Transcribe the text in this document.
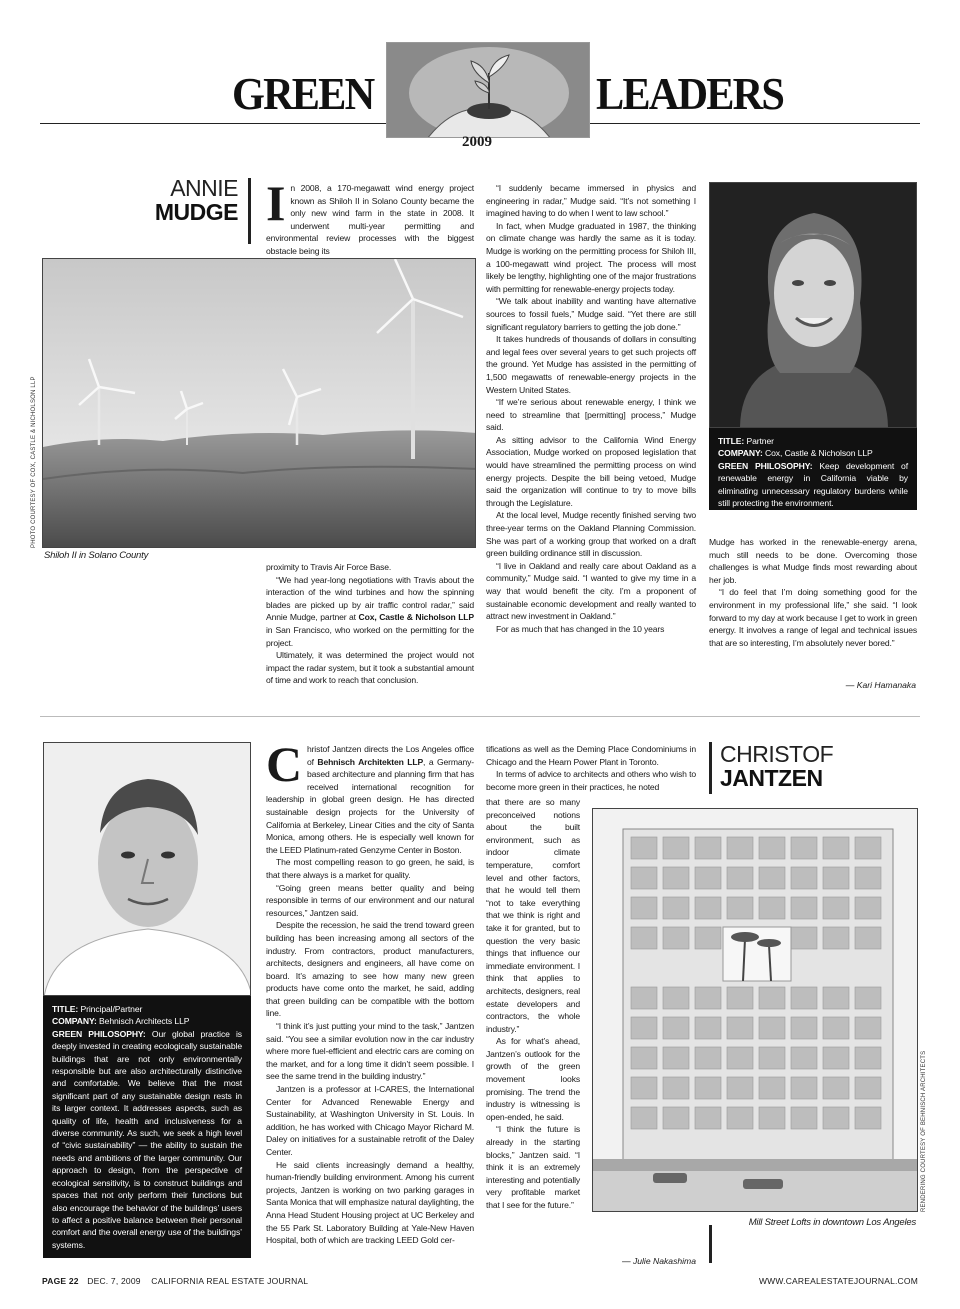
GREEN	LEADERS
2009
ANNIE
MUDGE I n 2008, a 170-megawatt wind energy project known as Shiloh II in Solano County became the only new wind farm in the state in 2008. It underwent multi-year permitting and environmental review processes with the biggest obstacle being its
PHOTO COURTESY OF COX, CASTLE & NICHOLSON LLP
Shiloh II in Solano County

proximity to Travis Air Force Base.

“We had year-long negotiations with Travis about the interaction of the wind turbines and how the spinning blades are picked up by air traffic control radar,” said Annie Mudge, partner at Cox, Castle & Nicholson LLP in San Francisco, who worked on the permitting for the project.

Ultimately, it was determined the project would not impact the radar system, but it took a substantial amount of time and work to reach that conclusion.

“I suddenly became immersed in physics and engineering in radar,” Mudge said. “It’s not something I imagined having to do when I went to law school.”

In fact, when Mudge graduated in 1987, the thinking on climate change was hardly the same as it is today. Mudge is working on the permitting process for Shiloh III, a 100-megawatt wind project. The process will most likely be lengthy, highlighting one of the major frustrations with permitting for renewable-energy projects today.

“We talk about inability and wanting have alternative sources to fossil fuels,” Mudge said. “Yet there are still significant regulatory barriers to getting the job done.”

It takes hundreds of thousands of dollars in consulting and legal fees over several years to get such projects off the ground. Yet Mudge has assisted in the permitting of 1,500 megawatts of renewable-energy projects in the Western United States.

“If we’re serious about renewable energy, I think we need to streamline that [permitting] process,” Mudge said.

As sitting advisor to the California Wind Energy Association, Mudge worked on proposed legislation that would have streamlined the permitting process on wind energy projects. Despite the bill being vetoed, Mudge said the organization will continue to try to move bills through the Legislature.

At the local level, Mudge recently finished serving two three-year terms on the Oakland Planning Commission. She was part of a working group that worked on a draft green building ordinance still in discussion.

“I live in Oakland and really care about Oakland as a community,” Mudge said. “I wanted to give my time in a way that would benefit the city. I’m a proponent of sustainable economic development and really wanted to attract new investment in Oakland.”

For as much that has changed in the 10 years

TITLE: Partner
COMPANY: Cox, Castle & Nicholson LLP
GREEN PHILOSOPHY: Keep development of renewable energy in California viable by eliminating unnecessary regulatory burdens while still protecting the environment.

Mudge has worked in the renewable-energy arena, much still needs to be done. Overcoming those challenges is what Mudge finds most rewarding about her job.

“I do feel that I’m doing something good for the environment in my professional life,” she said. “I look forward to my day at work because I get to work in green energy. It involves a range of legal and technical issues that are so interesting, I’m absolutely never bored.”

— Kari Hamanaka
TITLE: Principal/Partner
COMPANY: Behnisch Architects LLP
GREEN PHILOSOPHY: Our global practice is deeply invested in creating ecologically sustainable buildings that are not only environmentally responsible but are also architecturally distinctive and comfortable. We believe that the most significant part of any sustainable design rests in its larger context. It addresses aspects, such as quality of life, health and inclusiveness for a diverse community. As such, we seek a high level of “civic sustainability” — the ability to sustain the needs and ambitions of the larger community. Our approach to design, from the perspective of ecological sensitivity, is to construct buildings and spaces that not only perform their functions but also encourage the behavior of the buildings’ users to affect a positive balance between their personal comfort and the overall energy use of the buildings’ systems.

Christof Jantzen directs the Los Angeles office of Behnisch Architekten LLP, a Germany-based architecture and planning firm that has received international recognition for leadership in global green design. He has directed sustainable design projects for the University of California at Berkeley, Linear Cities and the city of Santa Monica, among others. He is especially well known for the LEED Platinum-rated Genzyme Center in Boston.

The most compelling reason to go green, he said, is that there always is a market for quality.

“Going green means better quality and being responsible in terms of our environment and our natural resources,” Jantzen said.

Despite the recession, he said the trend toward green building has been increasing among all sectors of the industry. From contractors, product manufacturers, architects, designers and engineers, all have come on board. It’s amazing to see how many new green products have come onto the market, he said, adding that green building can be compatible with the bottom line.

“I think it’s just putting your mind to the task,” Jantzen said. “You see a similar evolution now in the car industry where more fuel-efficient and electric cars are coming on the market, and for a long time it didn’t seem possible. I see the same trend in the building industry.”

Jantzen is a professor at I-CARES, the International Center for Advanced Renewable Energy and Sustainability, at Washington University in St. Louis. In addition, he has worked with Chicago Mayor Richard M. Daley on initiatives for a sustainable retrofit of the Daley Center.

He said clients increasingly demand a healthy, human-friendly building environment. Among his current projects, Jantzen is working on two parking garages in Santa Monica that will emphasize natural daylighting, the Anna Head Student Housing project at UC Berkeley and the 55 Park St. Laboratory Building at Yale-New Haven Hospital, both of which are tracking LEED Gold cer-

tifications as well as the Deming Place Condominiums in Chicago and the Hearn Power Plant in Toronto.

In terms of advice to architects and others who wish to become more green in their practices, he noted

CHRISTOF
JANTZEN

that there are so many preconceived notions about the built environment, such as indoor climate temperature, comfort level and other factors, that he would tell them “not to take everything that we think is right and take it for granted, but to question the very basic things that influence our immediate environment. I think that applies to architects, designers, real estate developers and contractors, the whole industry.”

As for what’s ahead, Jantzen’s outlook for the growth of the green movement looks promising. The trend the industry is witnessing is open-ended, he said.

“I think the future is already in the starting blocks,” Jantzen said. “I think it is an extremely interesting and potentially very profitable market that I see for the future.”

— Julie Nakashima
RENDERING COURTESY OF BEHNISCH ARCHITECTS
Mill Street Lofts in downtown Los Angeles
PAGE 22 DEC. 7, 2009 CALIFORNIA REAL ESTATE JOURNAL	WWW.CAREALESTATEJOURNAL.COM
